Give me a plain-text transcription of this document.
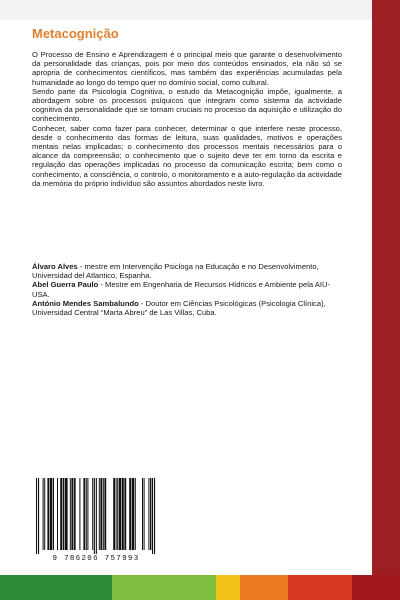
Metacognição

O Processo de Ensino e Aprendizagem é o principal meio que garante o desenvolvimento da personalidade das crianças, pois por meio dos conteúdos ensinados, ela não só se apropria de conhecimentos científicos, mas também das experiências acumuladas pela humanidade ao longo do tempo quer no domínio social, como cultural.

Sendo parte da Psicologia Cognitiva, o estudo da Metacognição impõe, igualmente, a abordagem sobre os processos psíquicos que integram como sistema da actividade cognitiva da personalidade que se tornam cruciais no processo da aquisição e utilização do conhecimento.

Conhecer, saber como fazer para conhecer, determinar o que interfere neste processo, desde o conhecimento das formas de leitura, suas qualidades, motivos e operações mentais nelas implicadas; o conhecimento dos processos mentais necessários para o alcance da compreensão; o conhecimento que o sujeito deve ter em torno da escrita e regulação das operações implicadas no processo da comunicação escrita; bem como o conhecimento, a consciência, o controlo, o monitoramento e a auto-regulação da actividade da memória do próprio indivíduo são assuntos abordados neste livro.

Álvaro Alves - mestre em Intervenção Psicloga na Educação e no Desenvolvimento, Universidad del Atlantico, Espanha.

Abel Guerra Paulo - Mestre em Engenharia de Recursos Hídricos e Ambiente pela AIU-USA.

António Mendes Sambalundo - Doutor em Ciências Psicológicas (Psicologia Clínica), Universidad Central “Marta Abreu” de Las Villas, Cuba.

9 786206 757993
